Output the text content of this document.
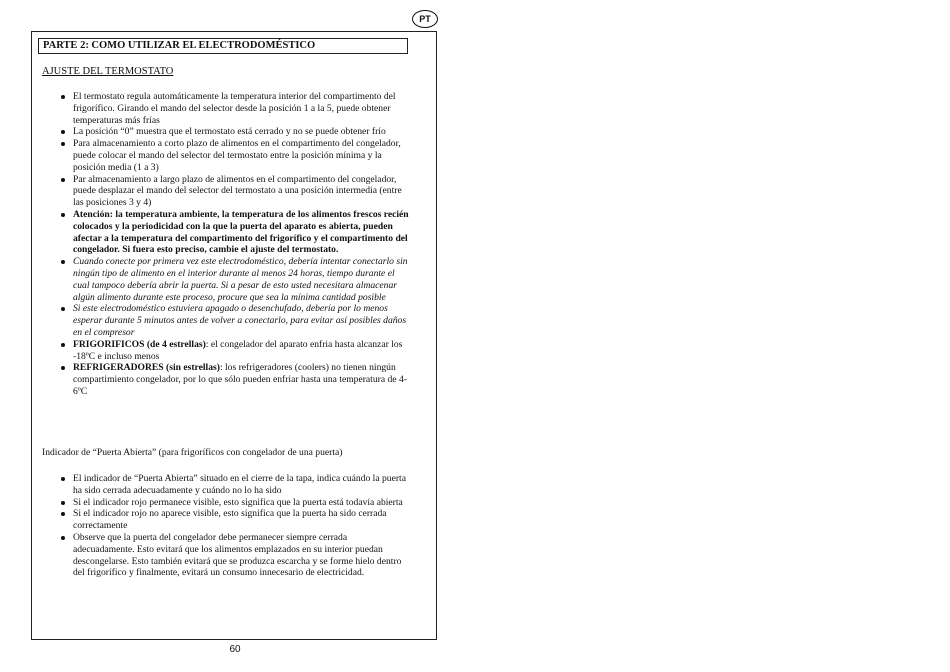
PT
PARTE 2: COMO UTILIZAR EL ELECTRODOMÉSTICO
AJUSTE DEL TERMOSTATO
El termostato regula automáticamente la temperatura interior del compartimento del frigorífico. Girando el mando del selector desde la posición 1 a la 5, puede obtener temperaturas más frías
La posición “0” muestra que el termostato está cerrado y no se puede obtener frío
Para almacenamiento a corto plazo de alimentos en el compartimento del congelador, puede colocar el mando del selector del termostato entre la posición mínima y la posición media (1 a 3)
Par almacenamiento a largo plazo de alimentos en el compartimento del congelador, puede desplazar el mando del selector del termostato a una posición intermedia (entre las posiciones 3 y 4)
Atención: la temperatura ambiente, la temperatura de los alimentos frescos recién colocados y la periodicidad con la que la puerta del aparato es abierta, pueden afectar a la temperatura del compartimento del frigorífico y el compartimento del congelador. Si fuera esto preciso, cambie el ajuste del termostato.
Cuando conecte por primera vez este electrodoméstico, debería intentar conectarlo sin ningún tipo de alimento en el interior durante al menos 24 horas, tiempo durante el cual tampoco debería abrir la puerta. Si a pesar de esto usted necesitara almacenar algún alimento durante este proceso, procure que sea la mínima cantidad posible
Si este electrodoméstico estuviera apagado o desenchufado, debería por lo menos esperar durante 5 minutos antes de volver a conectarlo, para evitar así posibles daños en el compresor
FRIGORIFICOS (de 4 estrellas): el congelador del aparato enfria hasta alcanzar los -18ºC e incluso menos
REFRIGERADORES (sin estrellas): los refrigeradores (coolers) no tienen ningún compartimiento congelador, por lo que sólo pueden enfriar hasta una temperatura de 4-6ºC
Indicador de “Puerta Abierta” (para frigoríficos con congelador de una puerta)
El indicador de “Puerta Abierta” situado en el cierre de la tapa, indica cuándo la puerta ha sido cerrada adecuadamente y cuándo no lo ha sido
Si el indicador rojo permanece visible, esto significa que la puerta está todavía abierta
Si el indicador rojo no aparece visible, esto significa que la puerta ha sido cerrada correctamente
Observe que la puerta del congelador debe permanecer siempre cerrada adecuadamente. Esto evitará que los alimentos emplazados en su interior puedan descongelarse. Esto también evitará que se produzca escarcha y se forme hielo dentro del frigorífico y finalmente, evitará un consumo innecesario de electricidad.
60
